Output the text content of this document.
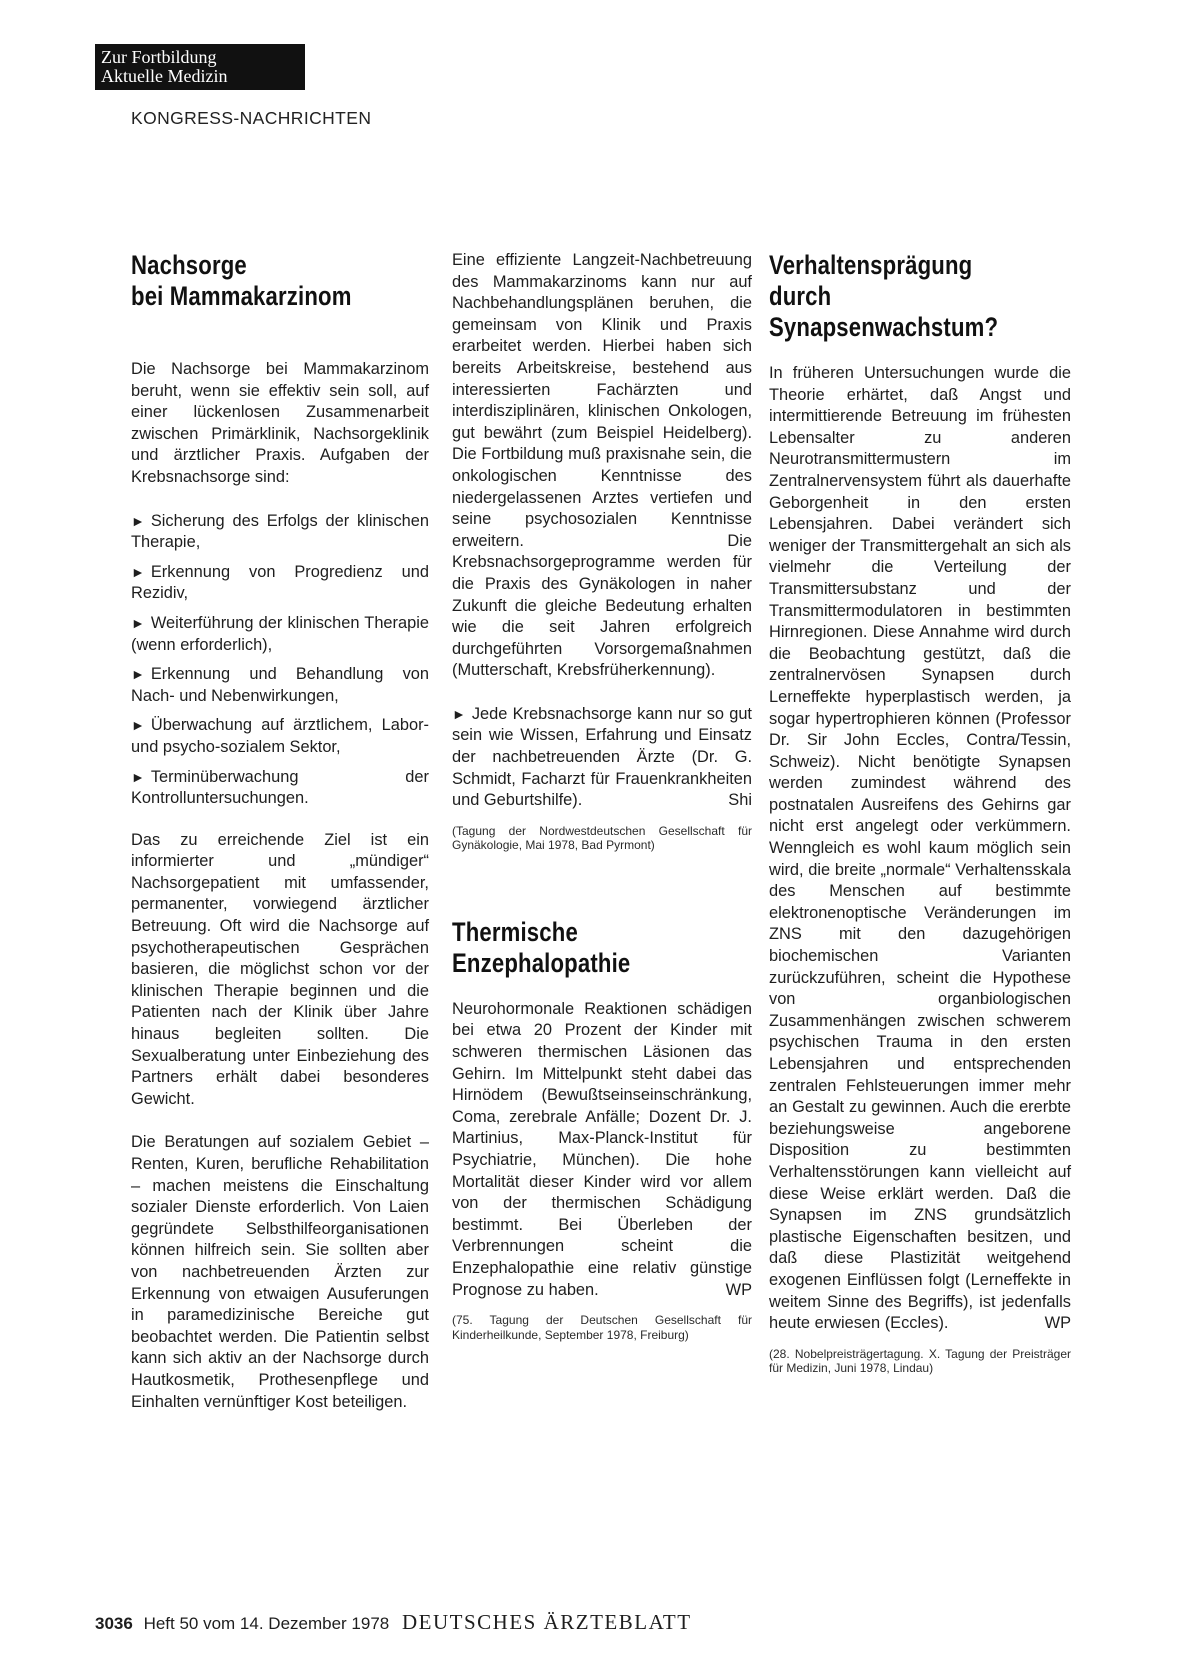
Zur Fortbildung
Aktuelle Medizin
KONGRESS-NACHRICHTEN
Nachsorge
bei Mammakarzinom

Die Nachsorge bei Mammakarzinom beruht, wenn sie effektiv sein soll, auf einer lückenlosen Zusammenarbeit zwischen Primärklinik, Nachsorgeklinik und ärztlicher Praxis. Aufgaben der Krebsnachsorge sind:

► Sicherung des Erfolgs der klinischen Therapie,
► Erkennung von Progredienz und Rezidiv,
► Weiterführung der klinischen Therapie (wenn erforderlich),
► Erkennung und Behandlung von Nach- und Nebenwirkungen,
► Überwachung auf ärztlichem, Labor- und psycho-sozialem Sektor,
► Terminüberwachung der Kontrolluntersuchungen.

Das zu erreichende Ziel ist ein informierter und „mündiger“ Nachsorgepatient mit umfassender, permanenter, vorwiegend ärztlicher Betreuung. Oft wird die Nachsorge auf psychotherapeutischen Gesprächen basieren, die möglichst schon vor der klinischen Therapie beginnen und die Patienten nach der Klinik über Jahre hinaus begleiten sollten. Die Sexualberatung unter Einbeziehung des Partners erhält dabei besonderes Gewicht.

Die Beratungen auf sozialem Gebiet – Renten, Kuren, berufliche Rehabilitation – machen meistens die Einschaltung sozialer Dienste erforderlich. Von Laien gegründete Selbsthilfeorganisationen können hilfreich sein. Sie sollten aber von nachbetreuenden Ärzten zur Erkennung von etwaigen Ausuferungen in paramedizinische Bereiche gut beobachtet werden. Die Patientin selbst kann sich aktiv an der Nachsorge durch Hautkosmetik, Prothesenpflege und Einhalten vernünftiger Kost beteiligen.

Eine effiziente Langzeit-Nachbetreuung des Mammakarzinoms kann nur auf Nachbehandlungsplänen beruhen, die gemeinsam von Klinik und Praxis erarbeitet werden. Hierbei haben sich bereits Arbeitskreise, bestehend aus interessierten Fachärzten und interdisziplinären, klinischen Onkologen, gut bewährt (zum Beispiel Heidelberg). Die Fortbildung muß praxisnahe sein, die onkologischen Kenntnisse des niedergelassenen Arztes vertiefen und seine psychosozialen Kenntnisse erweitern. Die Krebsnachsorgeprogramme werden für die Praxis des Gynäkologen in naher Zukunft die gleiche Bedeutung erhalten wie die seit Jahren erfolgreich durchgeführten Vorsorgemaßnahmen (Mutterschaft, Krebsfrüherkennung).

► Jede Krebsnachsorge kann nur so gut sein wie Wissen, Erfahrung und Einsatz der nachbetreuenden Ärzte (Dr. G. Schmidt, Facharzt für Frauenkrankheiten und Geburtshilfe).	Shi

(Tagung der Nordwestdeutschen Gesellschaft für Gynäkologie, Mai 1978, Bad Pyrmont)

Thermische
Enzephalopathie

Neurohormonale Reaktionen schädigen bei etwa 20 Prozent der Kinder mit schweren thermischen Läsionen das Gehirn. Im Mittelpunkt steht dabei das Hirnödem (Bewußtseinseinschränkung, Coma, zerebrale Anfälle; Dozent Dr. J. Martinius, Max-Planck-Institut für Psychiatrie, München). Die hohe Mortalität dieser Kinder wird vor allem von der thermischen Schädigung bestimmt. Bei Überleben der Verbrennungen scheint die Enzephalopathie eine relativ günstige Prognose zu haben.	WP

(75. Tagung der Deutschen Gesellschaft für Kinderheilkunde, September 1978, Freiburg)

Verhaltensprägung
durch
Synapsenwachstum?

In früheren Untersuchungen wurde die Theorie erhärtet, daß Angst und intermittierende Betreuung im frühesten Lebensalter zu anderen Neurotransmittermustern im Zentralnervensystem führt als dauerhafte Geborgenheit in den ersten Lebensjahren. Dabei verändert sich weniger der Transmittergehalt an sich als vielmehr die Verteilung der Transmittersubstanz und der Transmittermodulatoren in bestimmten Hirnregionen. Diese Annahme wird durch die Beobachtung gestützt, daß die zentralnervösen Synapsen durch Lerneffekte hyperplastisch werden, ja sogar hypertrophieren können (Professor Dr. Sir John Eccles, Contra/Tessin, Schweiz). Nicht benötigte Synapsen werden zumindest während des postnatalen Ausreifens des Gehirns gar nicht erst angelegt oder verkümmern. Wenngleich es wohl kaum möglich sein wird, die breite „normale“ Verhaltensskala des Menschen auf bestimmte elektronenoptische Veränderungen im ZNS mit den dazugehörigen biochemischen Varianten zurückzuführen, scheint die Hypothese von organbiologischen Zusammenhängen zwischen schwerem psychischen Trauma in den ersten Lebensjahren und entsprechenden zentralen Fehlsteuerungen immer mehr an Gestalt zu gewinnen. Auch die ererbte beziehungsweise angeborene Disposition zu bestimmten Verhaltensstörungen kann vielleicht auf diese Weise erklärt werden. Daß die Synapsen im ZNS grundsätzlich plastische Eigenschaften besitzen, und daß diese Plastizität weitgehend exogenen Einflüssen folgt (Lerneffekte in weitem Sinne des Begriffs), ist jedenfalls heute erwiesen (Eccles).	WP

(28. Nobelpreisträgertagung. X. Tagung der Preisträger für Medizin, Juni 1978, Lindau)

3036 Heft 50 vom 14. Dezember 1978 DEUTSCHES ÄRZTEBLATT
